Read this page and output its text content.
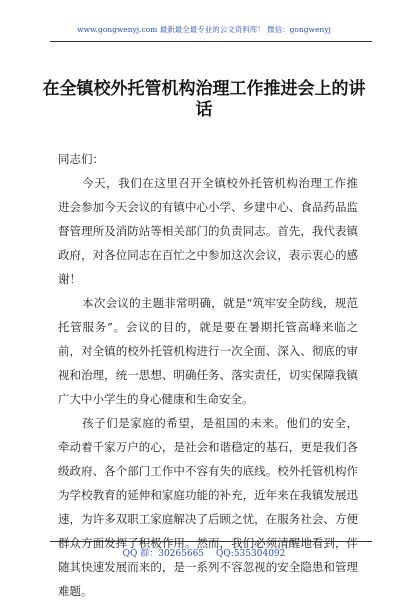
www.gongwenyj.com 最新最全最专业的公文资料库！ 微信：gongwenyj
在全镇校外托管机构治理工作推进会上的讲话

同志们：

今天，我们在这里召开全镇校外托管机构治理工作推进会参加今天会议的有镇中心小学、乡建中心、食品药品监督管理所及消防站等相关部门的负责同志。首先，我代表镇政府，对各位同志在百忙之中参加这次会议，表示衷心的感谢！

本次会议的主题非常明确，就是“筑牢安全防线，规范托管服务”。会议的目的，就是要在暑期托管高峰来临之前，对全镇的校外托管机构进行一次全面、深入、彻底的审视和治理，统一思想、明确任务、落实责任，切实保障我镇广大中小学生的身心健康和生命安全。

孩子们是家庭的希望，是祖国的未来。他们的安全，牵动着千家万户的心，是社会和谐稳定的基石，更是我们各级政府、各个部门工作中不容有失的底线。校外托管机构作为学校教育的延伸和家庭功能的补充，近年来在我镇发展迅速，为许多双职工家庭解决了后顾之忧，在服务社会、方便群众方面发挥了积极作用。然而，我们必须清醒地看到，伴随其快速发展而来的，是一系列不容忽视的安全隐患和管理难题。

QQ 群：30265665 QQ:535304092
